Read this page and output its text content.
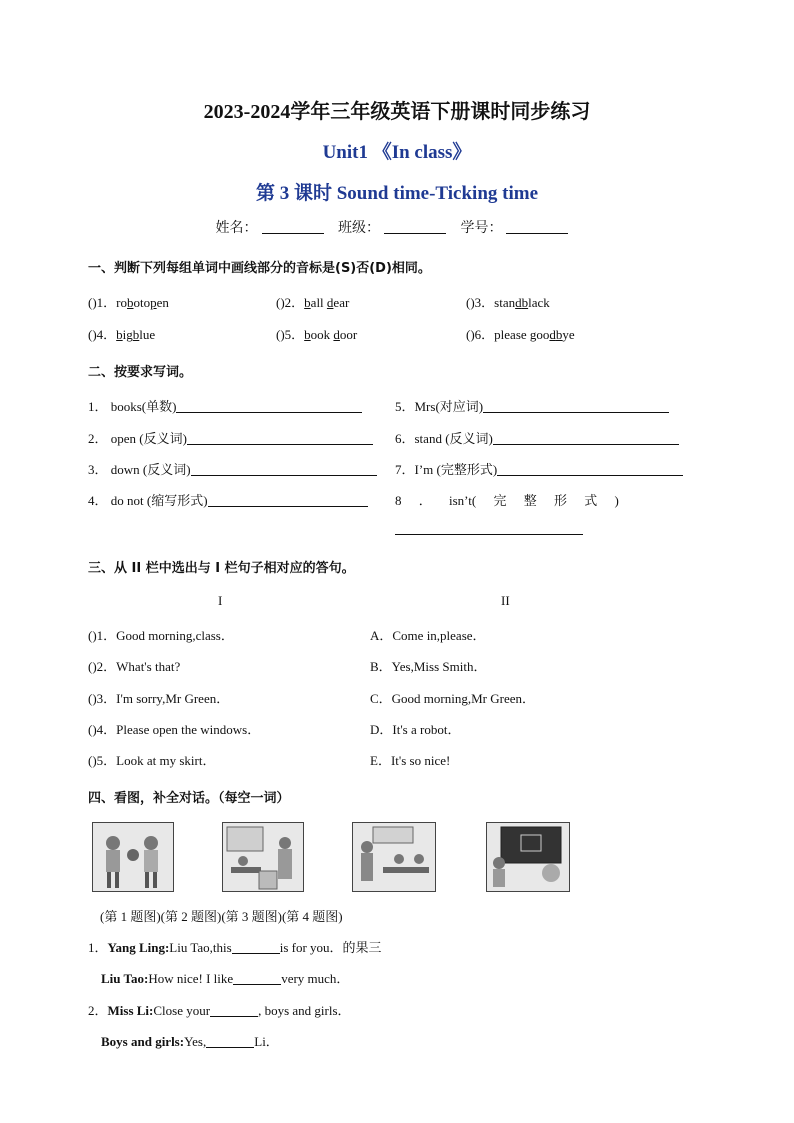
2023-2024学年三年级英语下册课时同步练习
Unit1 《In class》
第 3 课时 Sound time-Ticking time
姓名：	班级：	学号：
一、判断下列每组单词中画线部分的音标是(S)否(D)相同。
()1．robotopen	()2．ball dear	()3．standblack
()4．bigblue	()5．book door	()6．please goodbye
二、按要求写词。
1． books(单数)
2． open (反义词)
3． down (反义词)
4． do not (缩写形式)
5．Mrs(对应词)
6．stand (反义词)
7．I’m (完整形式)
8 ． isn’t( 完 整 形 式 )
三、从 II 栏中选出与 I 栏句子相对应的答句。
I	II
()1．Good morning,class．
()2．What's that?
()3．I'm sorry,Mr Green．
()4．Please open the windows．
()5．Look at my skirt．
A．Come in,please．
B．Yes,Miss Smith．
C．Good morning,Mr Green．
D．It's a robot．
E．It's so nice!
四、看图，补全对话。（每空一词）
(第 1 题图)(第 2 题图)(第 3 题图)(第 4 题图)
1．Yang Ling:Liu Tao,this	is for you．的果三
Liu Tao:How nice! I like	very much．
2．Miss Li:Close your	, boys and girls．
Boys and girls:Yes,	Li．
